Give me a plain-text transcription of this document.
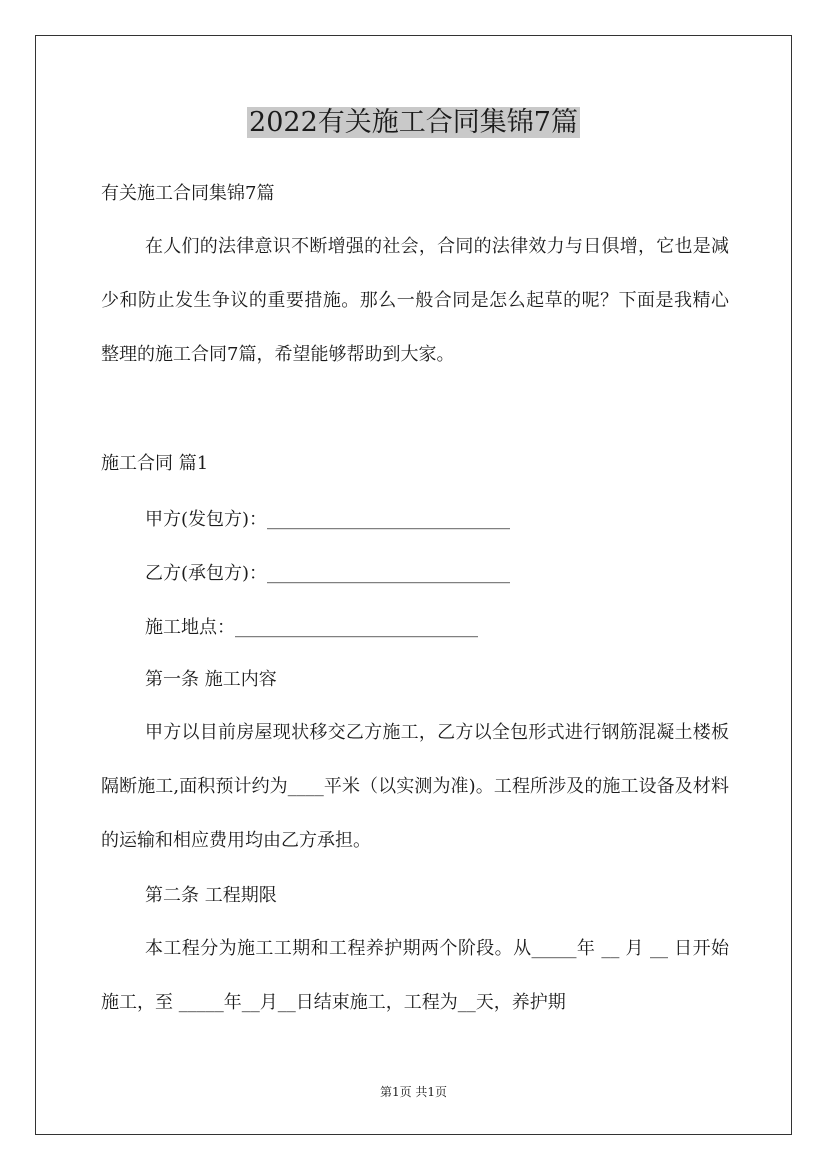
2022有关施工合同集锦7篇

有关施工合同集锦7篇

在人们的法律意识不断增强的社会，合同的法律效力与日俱增，它也是减少和防止发生争议的重要措施。那么一般合同是怎么起草的呢？下面是我精心整理的施工合同7篇，希望能够帮助到大家。

施工合同 篇1

甲方(发包方)：___________________________

乙方(承包方)：___________________________

施工地点：___________________________

第一条 施工内容

甲方以目前房屋现状移交乙方施工，乙方以全包形式进行钢筋混凝土楼板隔断施工,面积预计约为____平米（以实测为准)。工程所涉及的施工设备及材料的运输和相应费用均由乙方承担。

第二条 工程期限

本工程分为施工工期和工程养护期两个阶段。从_____年 __ 月 __ 日开始施工，至 _____年__月__日结束施工，工程为__天，养护期

第1页 共1页
